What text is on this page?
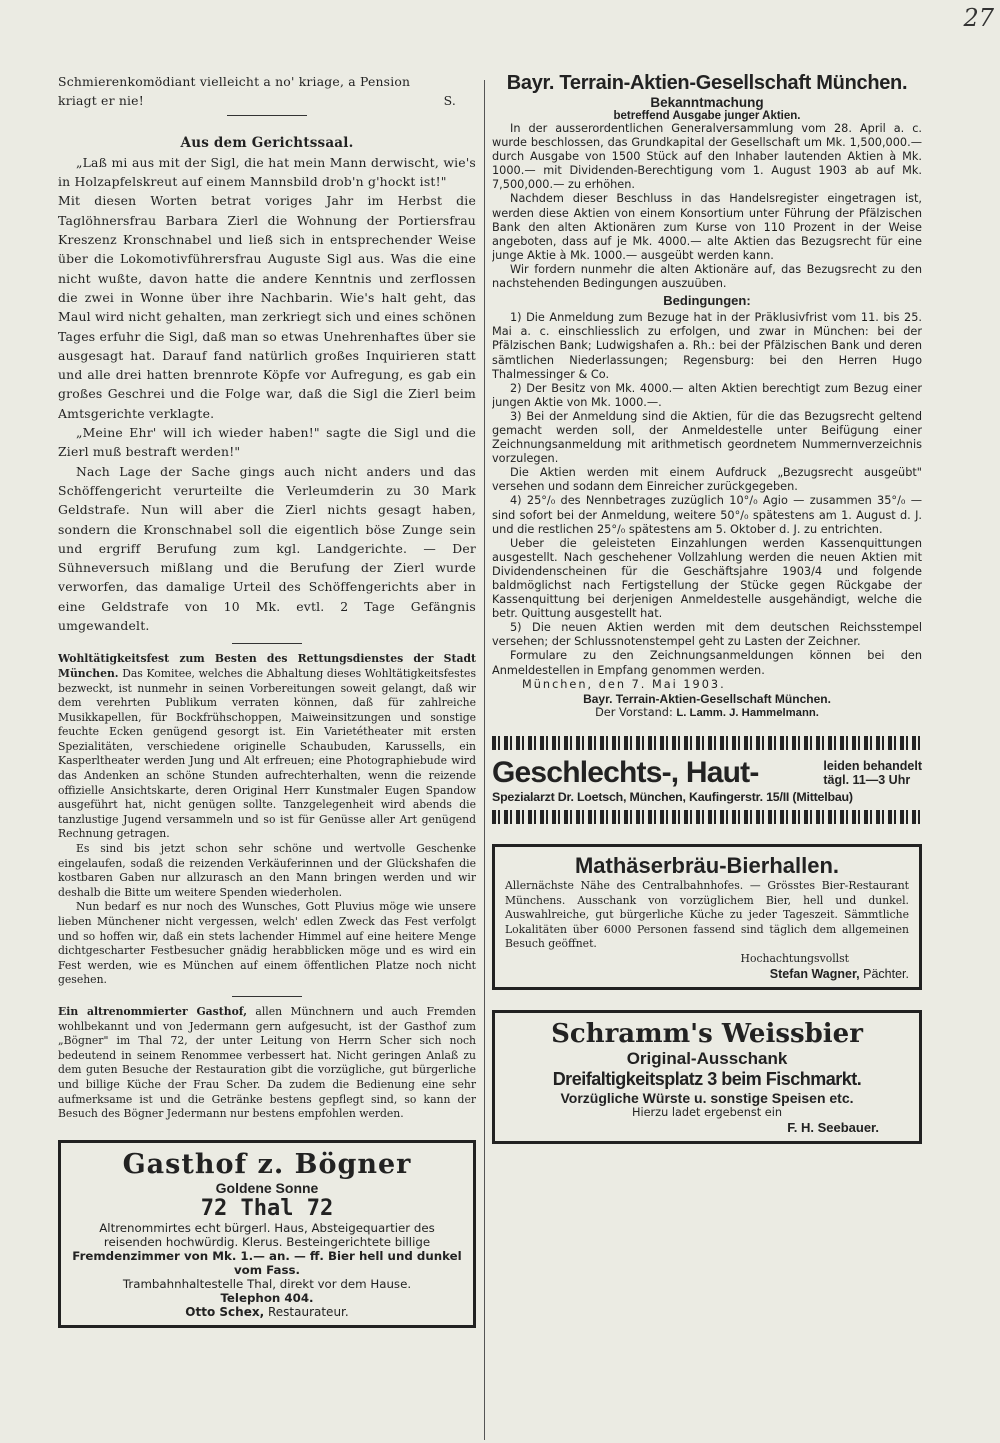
27

Schmierenkomödiant vielleicht a no' kriage, a Pension

kriagt er nie!	S.

Aus dem Gerichtssaal.

„Laß mi aus mit der Sigl, die hat mein Mann derwischt, wie's in Holzapfelskreut auf einem Mannsbild drob'n g'hockt ist!"

Mit diesen Worten betrat voriges Jahr im Herbst die Taglöhnersfrau Barbara Zierl die Wohnung der Portiersfrau Kreszenz Kronschnabel und ließ sich in entsprechender Weise über die Lokomotivführersfrau Auguste Sigl aus. Was die eine nicht wußte, davon hatte die andere Kenntnis und zerflossen die zwei in Wonne über ihre Nachbarin. Wie's halt geht, das Maul wird nicht gehalten, man zerkriegt sich und eines schönen Tages erfuhr die Sigl, daß man so etwas Unehrenhaftes über sie ausgesagt hat. Darauf fand natürlich großes Inquirieren statt und alle drei hatten brennrote Köpfe vor Aufregung, es gab ein großes Geschrei und die Folge war, daß die Sigl die Zierl beim Amtsgerichte verklagte.

„Meine Ehr' will ich wieder haben!" sagte die Sigl und die Zierl muß bestraft werden!"

Nach Lage der Sache gings auch nicht anders und das Schöffengericht verurteilte die Verleumderin zu 30 Mark Geldstrafe. Nun will aber die Zierl nichts gesagt haben, sondern die Kronschnabel soll die eigentlich böse Zunge sein und ergriff Berufung zum kgl. Landgerichte. — Der Sühneversuch mißlang und die Berufung der Zierl wurde verworfen, das damalige Urteil des Schöffengerichts aber in eine Geldstrafe von 10 Mk. evtl. 2 Tage Gefängnis umgewandelt.

Wohltätigkeitsfest zum Besten des Rettungsdienstes der Stadt München. Das Komitee, welches die Abhaltung dieses Wohltätigkeitsfestes bezweckt, ist nunmehr in seinen Vorbereitungen soweit gelangt, daß wir dem verehrten Publikum verraten können, daß für zahlreiche Musikkapellen, für Bockfrühschoppen, Maiweinsitzungen und sonstige feuchte Ecken genügend gesorgt ist. Ein Varietétheater mit ersten Spezialitäten, verschiedene originelle Schaubuden, Karussells, ein Kasperltheater werden Jung und Alt erfreuen; eine Photographiebude wird das Andenken an schöne Stunden aufrechterhalten, wenn die reizende offizielle Ansichtskarte, deren Original Herr Kunstmaler Eugen Spandow ausgeführt hat, nicht genügen sollte. Tanzgelegenheit wird abends die tanzlustige Jugend versammeln und so ist für Genüsse aller Art genügend Rechnung getragen.

Es sind bis jetzt schon sehr schöne und wertvolle Geschenke eingelaufen, sodaß die reizenden Verkäuferinnen und der Glückshafen die kostbaren Gaben nur allzurasch an den Mann bringen werden und wir deshalb die Bitte um weitere Spenden wiederholen.

Nun bedarf es nur noch des Wunsches, Gott Pluvius möge wie unsere lieben Münchener nicht vergessen, welch' edlen Zweck das Fest verfolgt und so hoffen wir, daß ein stets lachender Himmel auf eine heitere Menge dichtgescharter Festbesucher gnädig herabblicken möge und es wird ein Fest werden, wie es München auf einem öffentlichen Platze noch nicht gesehen.

Ein altrenommierter Gasthof, allen Münchnern und auch Fremden wohlbekannt und von Jedermann gern aufgesucht, ist der Gasthof zum „Bögner" im Thal 72, der unter Leitung von Herrn Scher sich noch bedeutend in seinem Renommee verbessert hat. Nicht geringen Anlaß zu dem guten Besuche der Restauration gibt die vorzügliche, gut bürgerliche und billige Küche der Frau Scher. Da zudem die Bedienung eine sehr aufmerksame ist und die Getränke bestens gepflegt sind, so kann der Besuch des Bögner Jedermann nur bestens empfohlen werden.

Gasthof z. Bögner
Goldene Sonne
72 Thal 72
Altrenommirtes echt bürgerl. Haus, Absteigequartier des reisenden hochwürdig. Klerus. Besteingerichtete billige
Fremdenzimmer von Mk. 1.— an. — ff. Bier hell und dunkel vom Fass.
Trambahnhaltestelle Thal, direkt vor dem Hause.
Telephon 404.
Otto Schex, Restaurateur.
Bayr. Terrain-Aktien-Gesellschaft München.
Bekanntmachung
betreffend Ausgabe junger Aktien.

In der ausserordentlichen Generalversammlung vom 28. April a. c. wurde beschlossen, das Grundkapital der Gesellschaft um Mk. 1,500,000.— durch Ausgabe von 1500 Stück auf den Inhaber lautenden Aktien à Mk. 1000.— mit Dividenden-Berechtigung vom 1. August 1903 ab auf Mk. 7,500,000.— zu erhöhen.

Nachdem dieser Beschluss in das Handelsregister eingetragen ist, werden diese Aktien von einem Konsortium unter Führung der Pfälzischen Bank den alten Aktionären zum Kurse von 110 Prozent in der Weise angeboten, dass auf je Mk. 4000.— alte Aktien das Bezugsrecht für eine junge Aktie à Mk. 1000.— ausgeübt werden kann.

Wir fordern nunmehr die alten Aktionäre auf, das Bezugsrecht zu den nachstehenden Bedingungen auszuüben.

Bedingungen:

1) Die Anmeldung zum Bezuge hat in der Präklusivfrist vom 11. bis 25. Mai a. c. einschliesslich zu erfolgen, und zwar in München: bei der Pfälzischen Bank; Ludwigshafen a. Rh.: bei der Pfälzischen Bank und deren sämtlichen Niederlassungen; Regensburg: bei den Herren Hugo Thalmessinger & Co.

2) Der Besitz von Mk. 4000.— alten Aktien berechtigt zum Bezug einer jungen Aktie von Mk. 1000.—.

3) Bei der Anmeldung sind die Aktien, für die das Bezugsrecht geltend gemacht werden soll, der Anmeldestelle unter Beifügung einer Zeichnungsanmeldung mit arithmetisch geordnetem Nummernverzeichnis vorzulegen.

Die Aktien werden mit einem Aufdruck „Bezugsrecht ausgeübt" versehen und sodann dem Einreicher zurückgegeben.

4) 25°/₀ des Nennbetrages zuzüglich 10°/₀ Agio — zusammen 35°/₀ — sind sofort bei der Anmeldung, weitere 50°/₀ spätestens am 1. August d. J. und die restlichen 25°/₀ spätestens am 5. Oktober d. J. zu entrichten.

Ueber die geleisteten Einzahlungen werden Kassenquittungen ausgestellt. Nach geschehener Vollzahlung werden die neuen Aktien mit Dividendenscheinen für die Geschäftsjahre 1903/4 und folgende baldmöglichst nach Fertigstellung der Stücke gegen Rückgabe der Kassenquittung bei derjenigen Anmeldestelle ausgehändigt, welche die betr. Quittung ausgestellt hat.

5) Die neuen Aktien werden mit dem deutschen Reichsstempel versehen; der Schlussnotenstempel geht zu Lasten der Zeichner.

Formulare zu den Zeichnungsanmeldungen können bei den Anmeldestellen in Empfang genommen werden.

München, den 7. Mai 1903.

Bayr. Terrain-Aktien-Gesellschaft München.

Der Vorstand: L. Lamm. J. Hammelmann.

Geschlechts-, Haut-	leiden behandelt
tägl. 11—3 Uhr
Spezialarzt Dr. Loetsch, München, Kaufingerstr. 15/II (Mittelbau)
Mathäserbräu-Bierhallen.
Allernächste Nähe des Centralbahnhofes. — Grösstes Bier-Restaurant Münchens. Ausschank von vorzüglichem Bier, hell und dunkel. Auswahlreiche, gut bürgerliche Küche zu jeder Tageszeit. Sämmtliche Lokalitäten über 6000 Personen fassend sind täglich dem allgemeinen Besuch geöffnet.
Hochachtungsvollst
Stefan Wagner, Pächter.
Schramm's Weissbier
Original-Ausschank
Dreifaltigkeitsplatz 3 beim Fischmarkt.
Vorzügliche Würste u. sonstige Speisen etc.
Hierzu ladet ergebenst ein
F. H. Seebauer.
